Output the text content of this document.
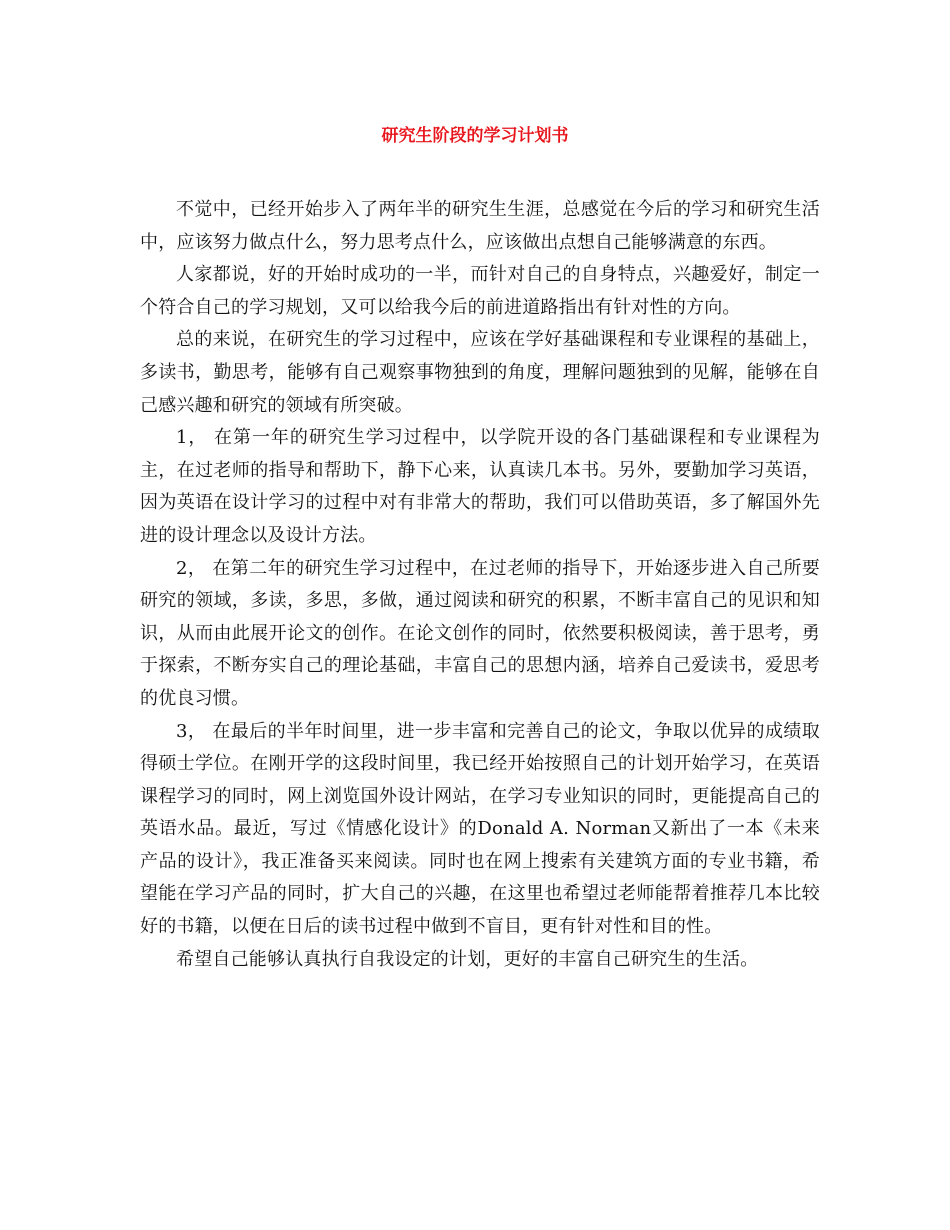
研究生阶段的学习计划书

不觉中，已经开始步入了两年半的研究生生涯，总感觉在今后的学习和研究生活中，应该努力做点什么，努力思考点什么，应该做出点想自己能够满意的东西。

人家都说，好的开始时成功的一半，而针对自己的自身特点，兴趣爱好，制定一个符合自己的学习规划，又可以给我今后的前进道路指出有针对性的方向。

总的来说，在研究生的学习过程中，应该在学好基础课程和专业课程的基础上，多读书，勤思考，能够有自己观察事物独到的角度，理解问题独到的见解，能够在自己感兴趣和研究的领域有所突破。

1， 在第一年的研究生学习过程中，以学院开设的各门基础课程和专业课程为主，在过老师的指导和帮助下，静下心来，认真读几本书。另外，要勤加学习英语，因为英语在设计学习的过程中对有非常大的帮助，我们可以借助英语，多了解国外先进的设计理念以及设计方法。

2， 在第二年的研究生学习过程中，在过老师的指导下，开始逐步进入自己所要研究的领域，多读，多思，多做，通过阅读和研究的积累，不断丰富自己的见识和知识，从而由此展开论文的创作。在论文创作的同时，依然要积极阅读，善于思考，勇于探索，不断夯实自己的理论基础，丰富自己的思想内涵，培养自己爱读书，爱思考的优良习惯。

3， 在最后的半年时间里，进一步丰富和完善自己的论文，争取以优异的成绩取得硕士学位。在刚开学的这段时间里，我已经开始按照自己的计划开始学习，在英语课程学习的同时，网上浏览国外设计网站，在学习专业知识的同时，更能提高自己的英语水品。最近，写过《情感化设计》的Donald A. Norman又新出了一本《未来产品的设计》，我正准备买来阅读。同时也在网上搜索有关建筑方面的专业书籍，希望能在学习产品的同时，扩大自己的兴趣，在这里也希望过老师能帮着推荐几本比较好的书籍，以便在日后的读书过程中做到不盲目，更有针对性和目的性。

希望自己能够认真执行自我设定的计划，更好的丰富自己研究生的生活。
